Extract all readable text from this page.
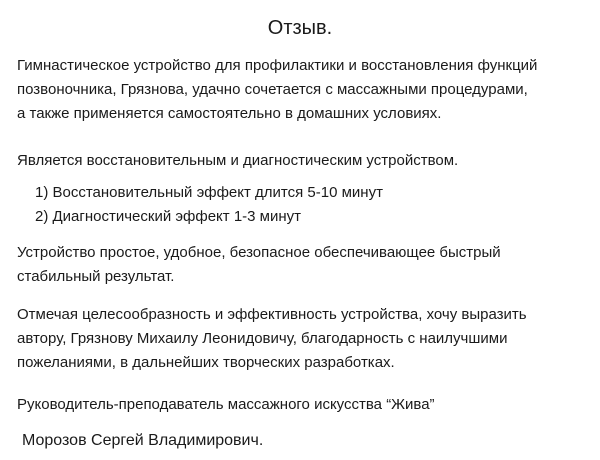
Отзыв.

Гимнастическое устройство для профилактики и восстановления функций
позвоночника, Грязнова, удачно сочетается с массажными процедурами,
а также применяется самостоятельно в домашних условиях.

Является восстановительным и диагностическим устройством.

1) Восстановительный эффект длится 5-10 минут
2) Диагностический эффект 1-3 минут

Устройство простое, удобное, безопасное обеспечивающее быстрый
стабильный результат.

Отмечая целесообразность и эффективность устройства, хочу выразить
автору, Грязнову Михаилу Леонидовичу, благодарность с наилучшими
пожеланиями, в дальнейших творческих разработках.

Руководитель-преподаватель массажного искусства “Жива”

Морозов Сергей Владимирович.
